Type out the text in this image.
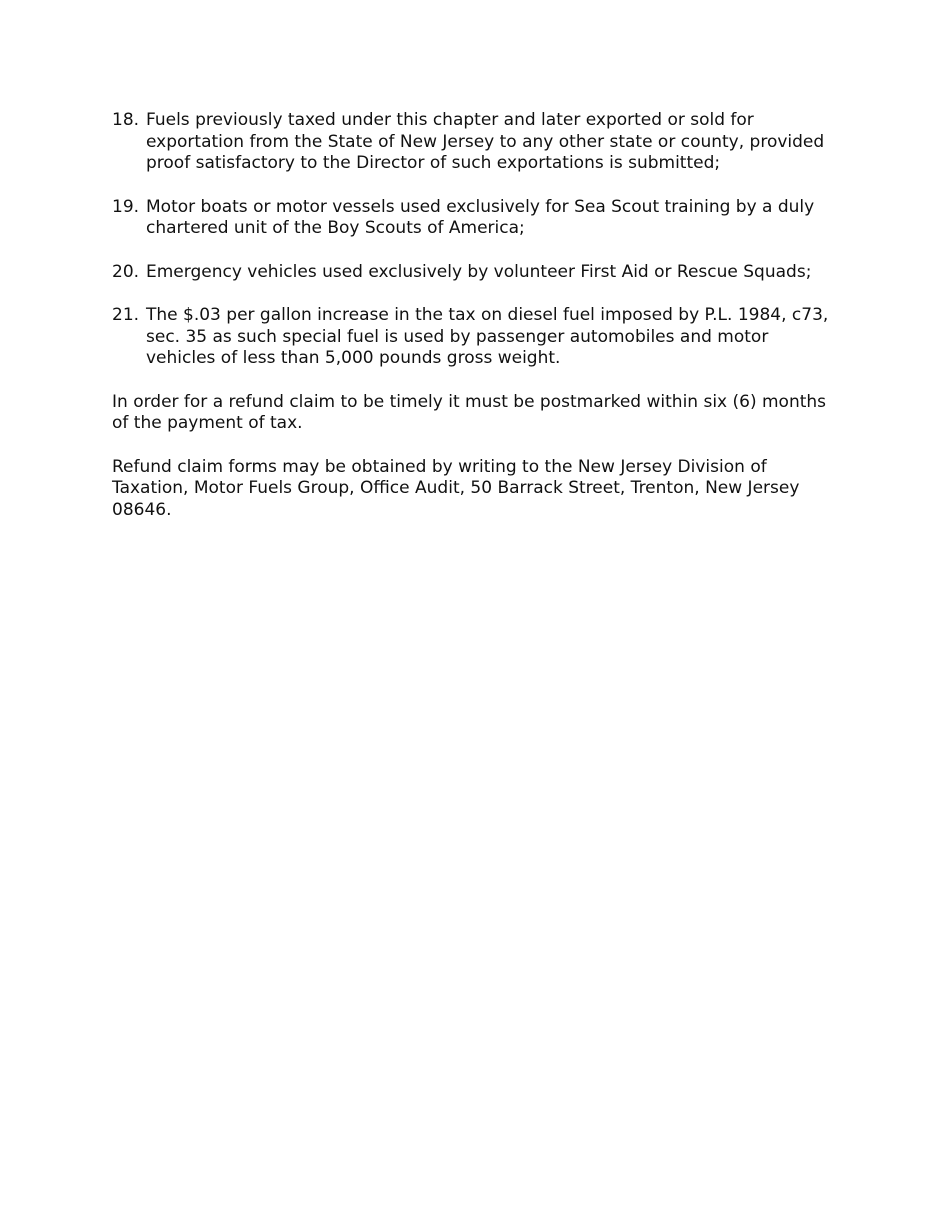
18. Fuels previously taxed under this chapter and later exported or sold for exportation from the State of New Jersey to any other state or county, provided proof satisfactory to the Director of such exportations is submitted;
19. Motor boats or motor vessels used exclusively for Sea Scout training by a duly chartered unit of the Boy Scouts of America;
20. Emergency vehicles used exclusively by volunteer First Aid or Rescue Squads;
21. The $.03 per gallon increase in the tax on diesel fuel imposed by P.L. 1984, c73, sec. 35 as such special fuel is used by passenger automobiles and motor vehicles of less than 5,000 pounds gross weight.

In order for a refund claim to be timely it must be postmarked within six (6) months of the payment of tax.

Refund claim forms may be obtained by writing to the New Jersey Division of Taxation, Motor Fuels Group, Office Audit, 50 Barrack Street, Trenton, New Jersey 08646.
